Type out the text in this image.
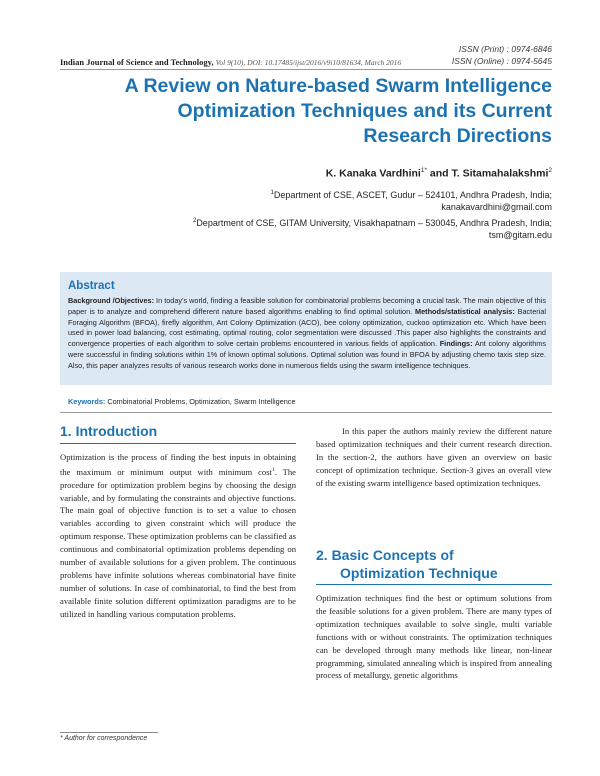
ISSN (Print) : 0974-6846
ISSN (Online) : 0974-5645
Indian Journal of Science and Technology, Vol 9(10), DOI: 10.17485/ijst/2016/v9i10/81634, March 2016
A Review on Nature-based Swarm Intelligence
Optimization Techniques and its Current
Research Directions
K. Kanaka Vardhini$^{1*}$ and T. Sitamahalakshmi$^2$
$^1$Department of CSE, ASCET, Gudur – 524101, Andhra Pradesh, India;
kanakavardhini@gmail.com
$^2$Department of CSE, GITAM University, Visakhapatnam – 530045, Andhra Pradesh, India;
tsm@gitam.edu
Abstract
Background /Objectives: In today's world, finding a feasible solution for combinatorial problems becoming a crucial task. The main objective of this paper is to analyze and comprehend different nature based algorithms enabling to find optimal solution. Methods/statistical analysis: Bacterial Foraging Algorithm (BFOA), firefly algorithm, Ant Colony Optimization (ACO), bee colony optimization, cuckoo optimization etc. Which have been used in power load balancing, cost estimating, optimal routing, color segmentation were discussed .This paper also highlights the constraints and convergence properties of each algorithm to solve certain problems encountered in various fields of application. Findings: Ant colony algorithms were successful in finding solutions within 1% of known optimal solutions. Optimal solution was found in BFOA by adjusting chemo taxis step size. Also, this paper analyzes results of various research works done in numerous fields using the swarm intelligence techniques.
Keywords: Combinatorial Problems, Optimization, Swarm Intelligence
1. Introduction
Optimization is the process of finding the best inputs in obtaining the maximum or minimum output with minimum cost$^1$. The procedure for optimization problem begins by choosing the design variable, and by formulating the constraints and objective functions. The main goal of objective function is to set a value to chosen variables according to given constraint which will produce the optimum response. These optimization problems can be classified as continuous and combinatorial optimization problems depending on number of available solutions for a given problem. The continuous problems have infinite solutions whereas combinatorial have finite number of solutions. In case of combinatorial, to find the best from available finite solution different optimization paradigms are to be utilized in handling various computation problems.
In this paper the authors mainly review the different nature based optimization techniques and their current research direction. In the section-2, the authors have given an overview on basic concept of optimization technique. Section-3 gives an overall view of the existing swarm intelligence based optimization techniques.
2. Basic Concepts of
Optimization Technique
Optimization techniques find the best or optimum solutions from the feasible solutions for a given problem. There are many types of optimization techniques available to solve single, multi variable functions with or without constraints. The optimization techniques can be developed through many methods like linear, non-linear programming, simulated annealing which is inspired from annealing process of metallurgy, genetic algorithms
* Author for correspondence
